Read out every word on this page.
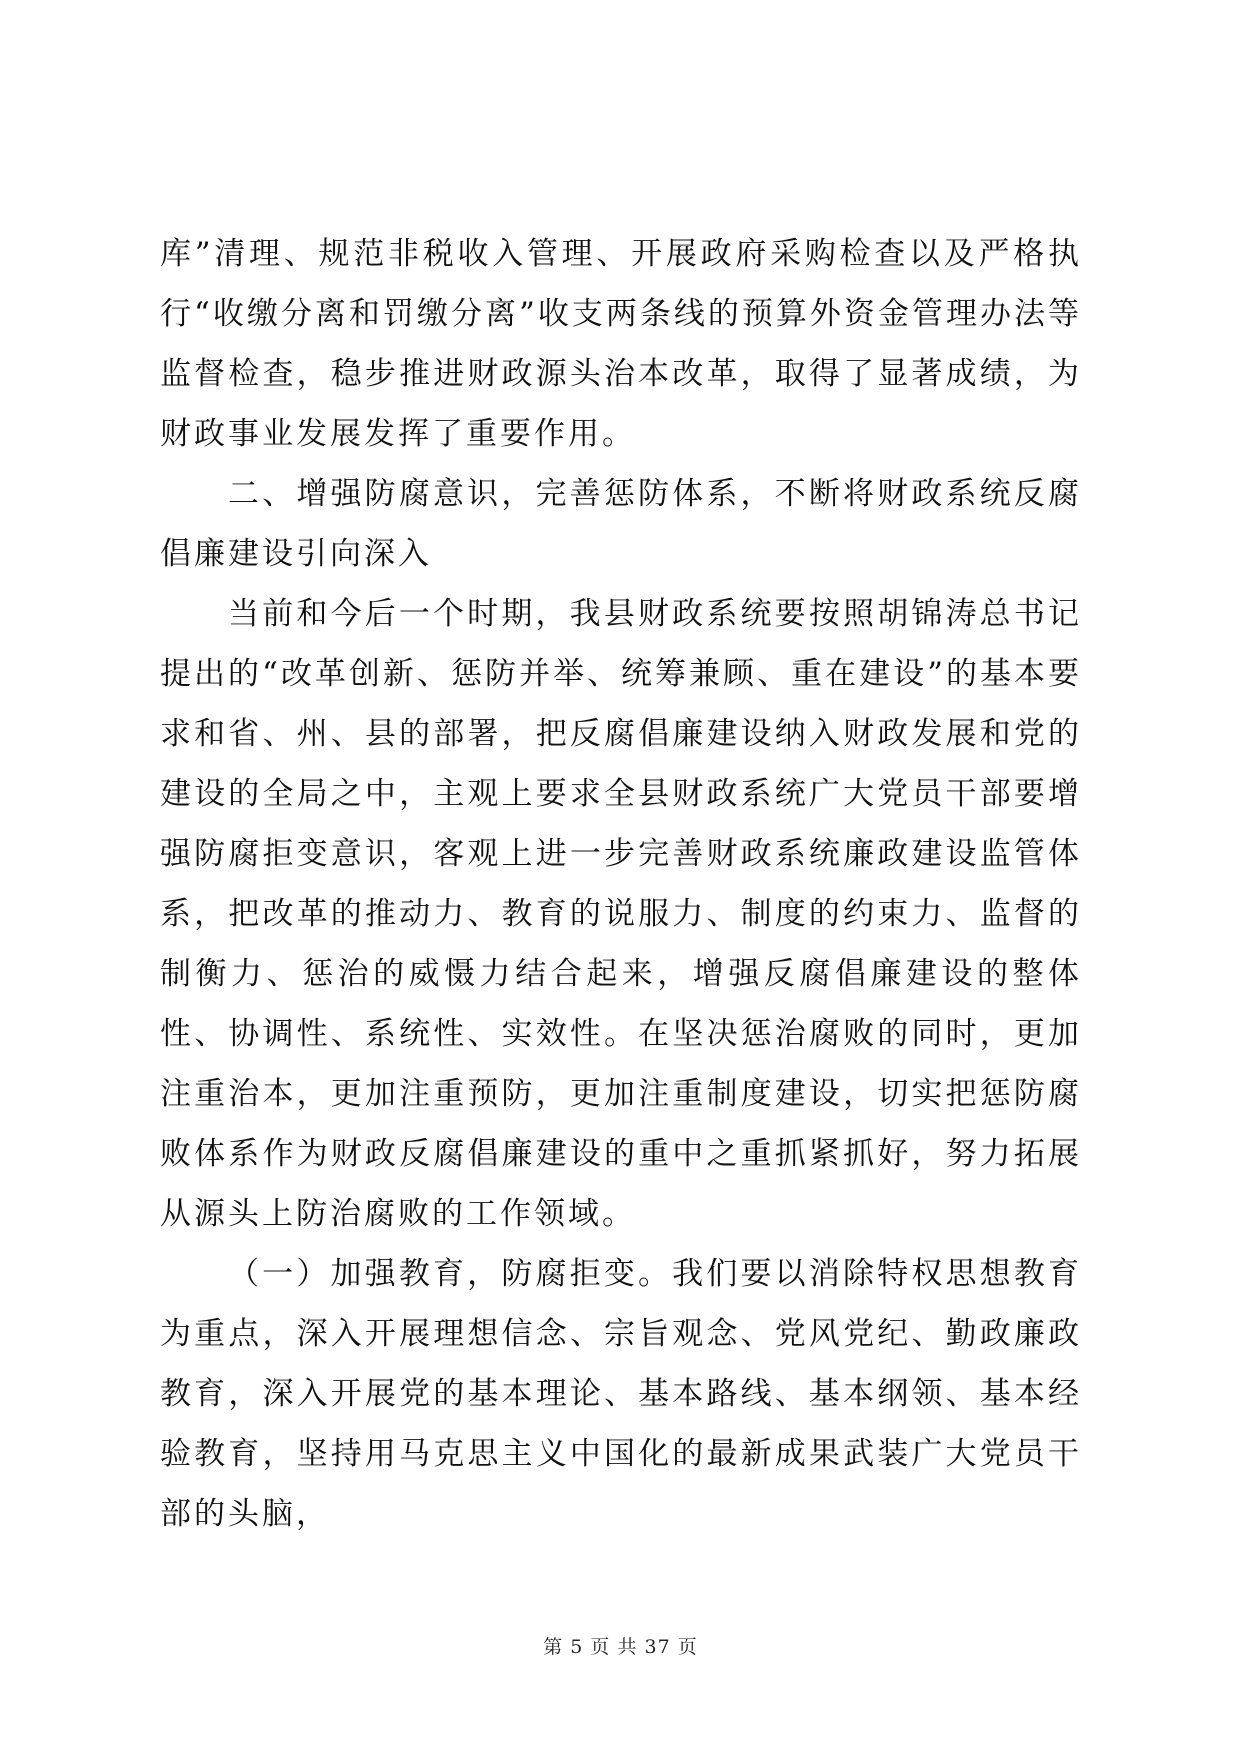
库”清理、规范非税收入管理、开展政府采购检查以及严格执行“收缴分离和罚缴分离”收支两条线的预算外资金管理办法等监督检查，稳步推进财政源头治本改革，取得了显著成绩，为财政事业发展发挥了重要作用。

二、增强防腐意识，完善惩防体系，不断将财政系统反腐倡廉建设引向深入

当前和今后一个时期，我县财政系统要按照胡锦涛总书记提出的“改革创新、惩防并举、统筹兼顾、重在建设”的基本要求和省、州、县的部署，把反腐倡廉建设纳入财政发展和党的建设的全局之中，主观上要求全县财政系统广大党员干部要增强防腐拒变意识，客观上进一步完善财政系统廉政建设监管体系，把改革的推动力、教育的说服力、制度的约束力、监督的制衡力、惩治的威慑力结合起来，增强反腐倡廉建设的整体性、协调性、系统性、实效性。在坚决惩治腐败的同时，更加注重治本，更加注重预防，更加注重制度建设，切实把惩防腐败体系作为财政反腐倡廉建设的重中之重抓紧抓好，努力拓展从源头上防治腐败的工作领域。

（一）加强教育，防腐拒变。我们要以消除特权思想教育为重点，深入开展理想信念、宗旨观念、党风党纪、勤政廉政教育，深入开展党的基本理论、基本路线、基本纲领、基本经验教育，坚持用马克思主义中国化的最新成果武装广大党员干部的头脑，

第 5 页 共 37 页
